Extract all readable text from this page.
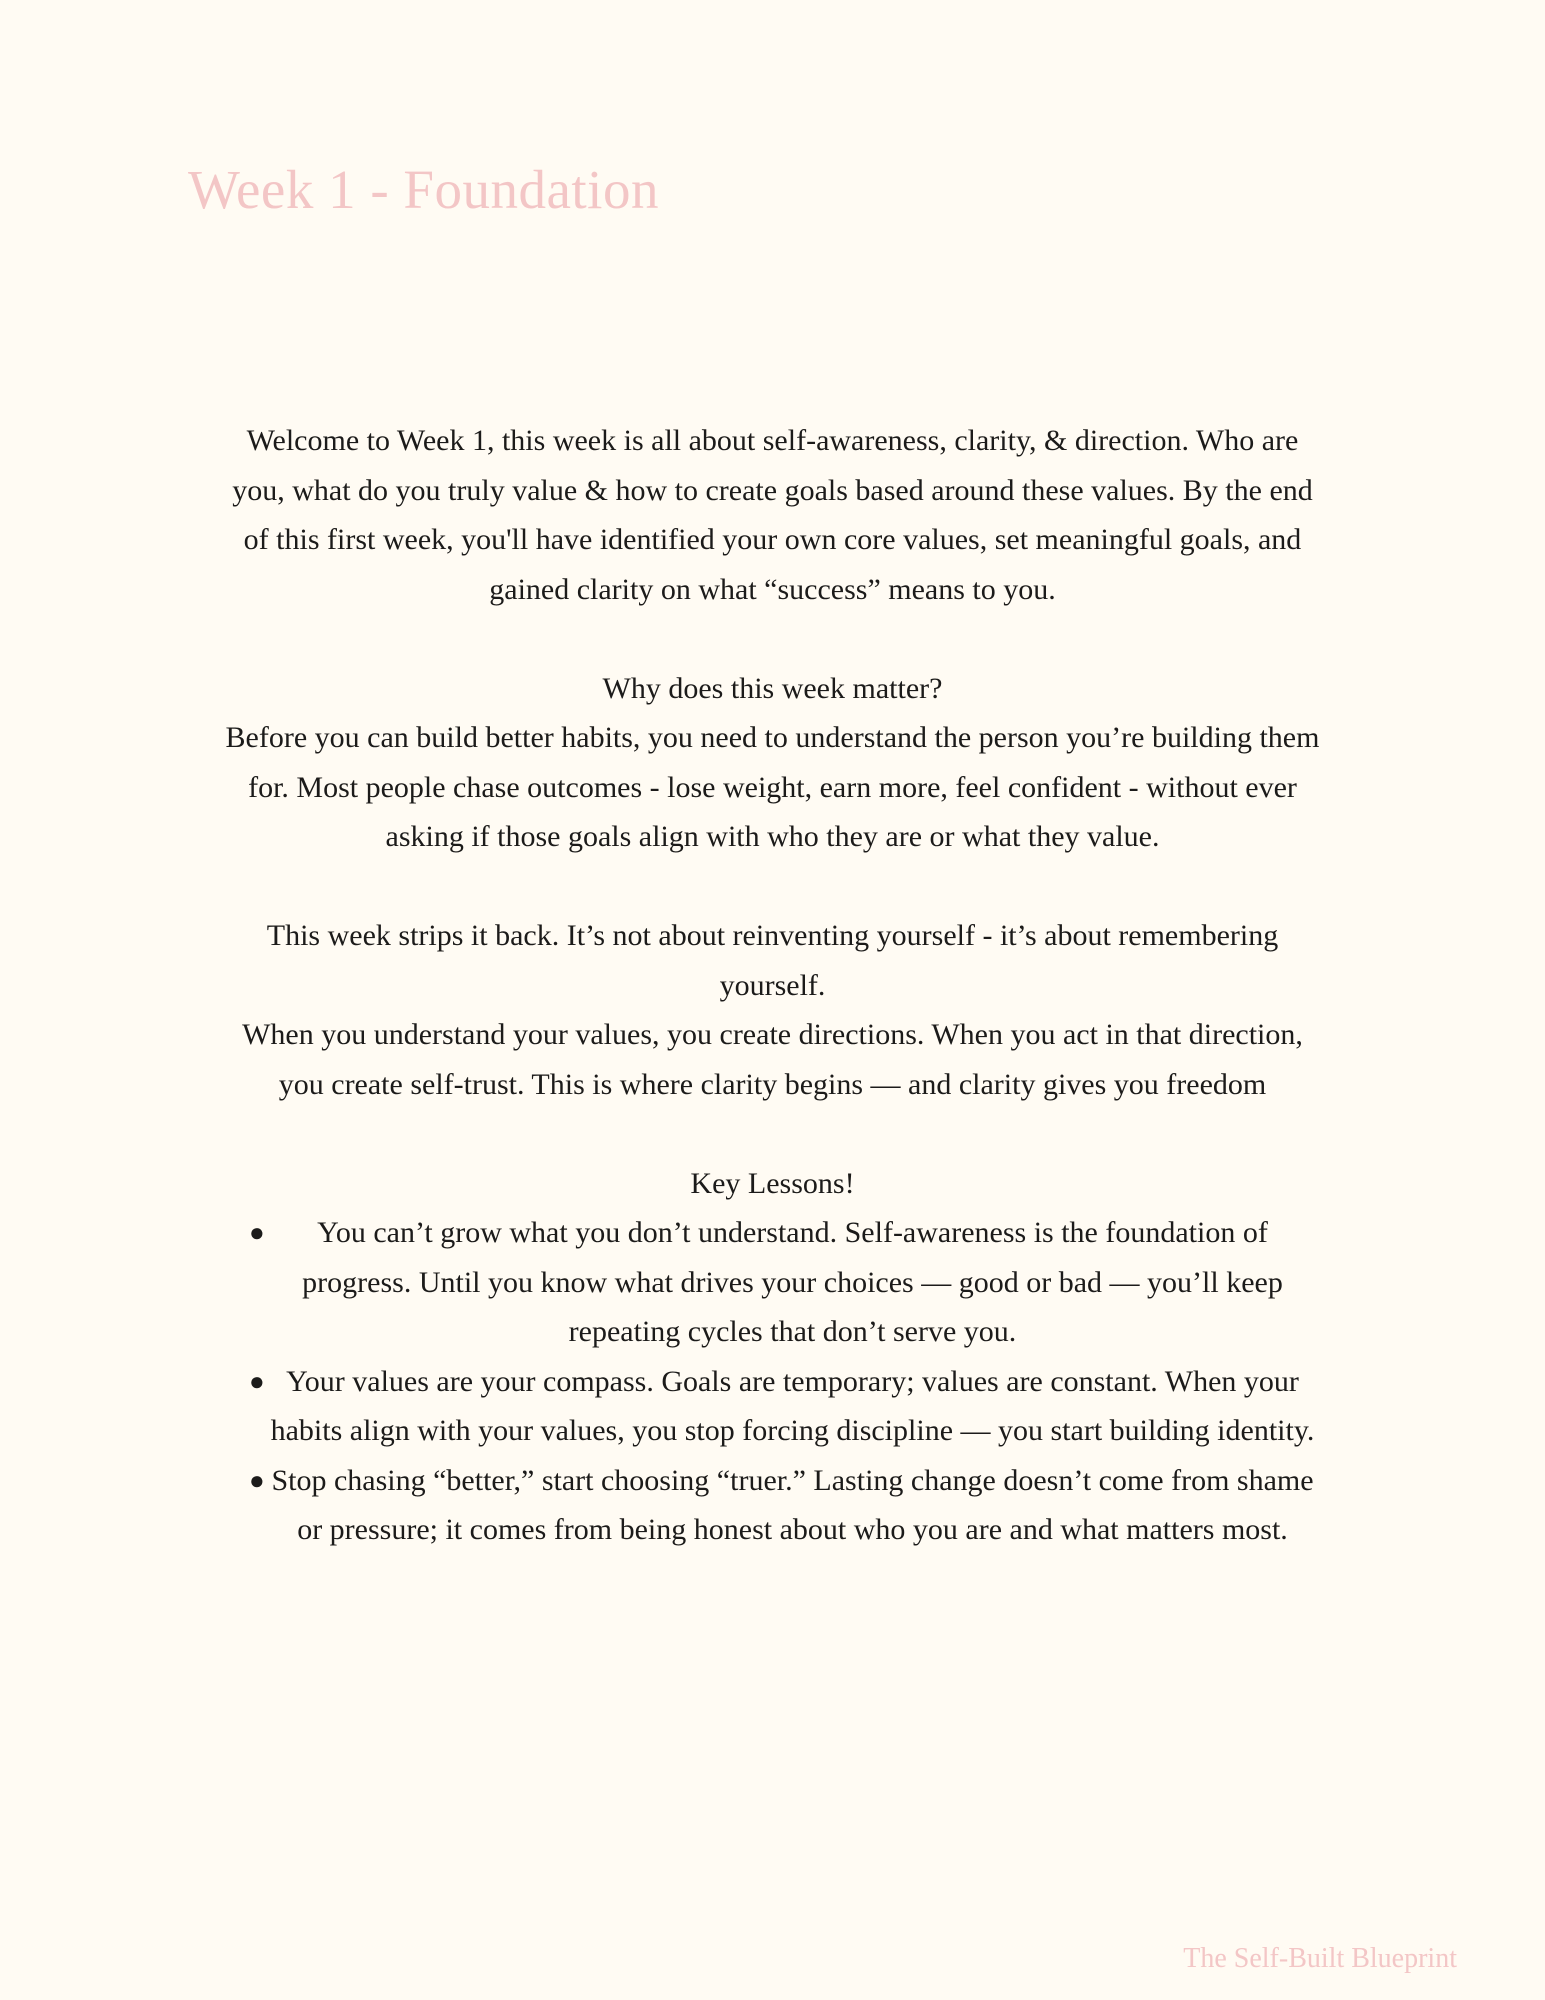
Week 1 - Foundation

Welcome to Week 1, this week is all about self-awareness, clarity, & direction. Who are you, what do you truly value & how to create goals based around these values. By the end of this first week, you'll have identified your own core values, set meaningful goals, and gained clarity on what “success” means to you.

Why does this week matter?

Before you can build better habits, you need to understand the person you’re building them for. Most people chase outcomes - lose weight, earn more, feel confident - without ever asking if those goals align with who they are or what they value.

This week strips it back. It’s not about reinventing yourself - it’s about remembering yourself.

When you understand your values, you create directions. When you act in that direction, you create self-trust. This is where clarity begins — and clarity gives you freedom

Key Lessons!

● You can’t grow what you don’t understand. Self-awareness is the foundation of progress. Until you know what drives your choices — good or bad — you’ll keep repeating cycles that don’t serve you.
● Your values are your compass. Goals are temporary; values are constant. When your habits align with your values, you stop forcing discipline — you start building identity.
● Stop chasing “better,” start choosing “truer.” Lasting change doesn’t come from shame or pressure; it comes from being honest about who you are and what matters most.

The Self-Built Blueprint
